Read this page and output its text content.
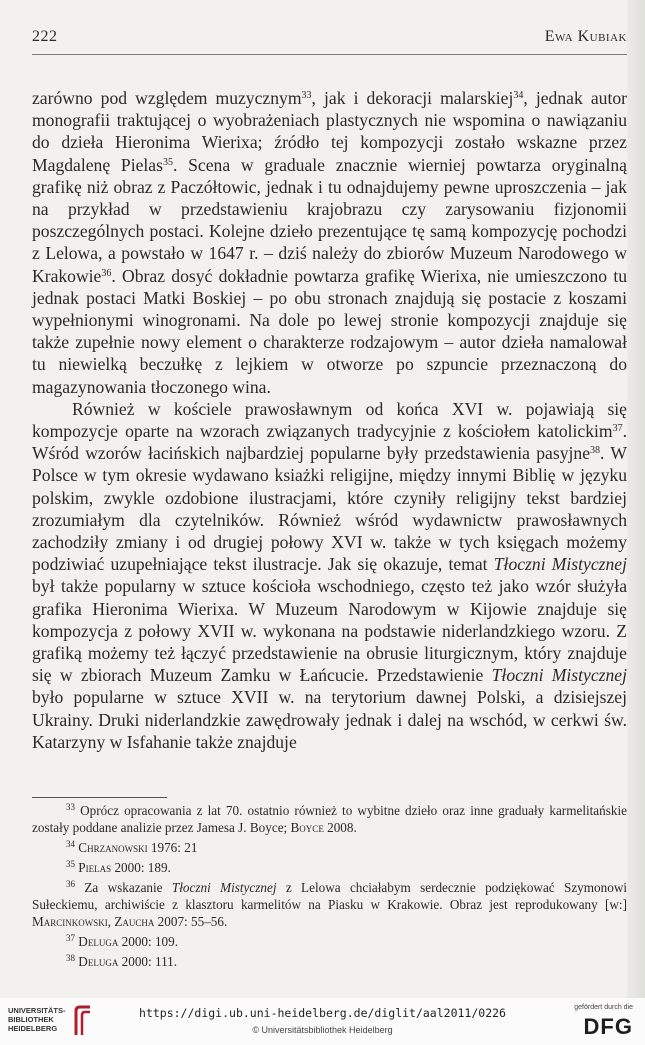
222	Ewa Kubiak

zarówno pod względem muzycznym$^{33}$, jak i dekoracji malarskiej$^{34}$, jednak autor monografii traktującej o wyobrażeniach plastycznych nie wspomina o nawiązaniu do dzieła Hieronima Wierixa; źródło tej kompozycji zostało wskazne przez Magdalenę Pielas$^{35}$. Scena w graduale znacznie wierniej powtarza oryginalną grafikę niż obraz z Paczółtowic, jednak i tu odnajdujemy pewne uproszczenia – jak na przykład w przedstawieniu krajobrazu czy zarysowaniu fizjonomii poszczególnych postaci. Kolejne dzieło prezentujące tę samą kompozycję pochodzi z Lelowa, a powstało w 1647 r. – dziś należy do zbiorów Muzeum Narodowego w Krakowie$^{36}$. Obraz dosyć dokładnie powtarza grafikę Wierixa, nie umieszczono tu jednak postaci Matki Boskiej – po obu stronach znajdują się postacie z koszami wypełnionymi winogronami. Na dole po lewej stronie kompozycji znajduje się także zupełnie nowy element o charakterze rodzajowym – autor dzieła namalował tu niewielką beczułkę z lejkiem w otworze po szpuncie przeznaczoną do magazynowania tłoczonego wina.

Również w kościele prawosławnym od końca XVI w. pojawiają się kompozycje oparte na wzorach związanych tradycyjnie z kościołem katolickim$^{37}$. Wśród wzorów łacińskich najbardziej popularne były przedstawienia pasyjne$^{38}$. W Polsce w tym okresie wydawano ksiażki religijne, między innymi Biblię w języku polskim, zwykle ozdobione ilustracjami, które czyniły religijny tekst bardziej zrozumiałym dla czytelników. Również wśród wydawnictw prawosławnych zachodziły zmiany i od drugiej połowy XVI w. także w tych księgach możemy podziwiać uzupełniające tekst ilustracje. Jak się okazuje, temat Tłoczni Mistycznej był także popularny w sztuce kościoła wschodniego, często też jako wzór służyła grafika Hieronima Wierixa. W Muzeum Narodowym w Kijowie znajduje się kompozycja z połowy XVII w. wykonana na podstawie niderlandzkiego wzoru. Z grafiką możemy też łączyć przedstawienie na obrusie liturgicznym, który znajduje się w zbiorach Muzeum Zamku w Łańcucie. Przedstawienie Tłoczni Mistycznej było popularne w sztuce XVII w. na terytorium dawnej Polski, a dzisiejszej Ukrainy. Druki niderlandzkie zawędrowały jednak i dalej na wschód, w cerkwi św. Katarzyny w Isfahanie także znajduje

$^{33}$ Oprócz opracowania z lat 70. ostatnio również to wybitne dzieło oraz inne graduały karmelitańskie zostały poddane analizie przez Jamesa J. Boyce; Boyce 2008.

$^{34}$ Chrzanowski 1976: 21

$^{35}$ Pielas 2000: 189.

$^{36}$ Za wskazanie Tłoczni Mistycznej z Lelowa chciałabym serdecznie podziękować Szymonowi Sułeckiemu, archiwiście z klasztoru karmelitów na Piasku w Krakowie. Obraz jest reprodukowany [w:] Marcinkowski, Zaucha 2007: 55–56.

$^{37}$ Deluga 2000: 109.

$^{38}$ Deluga 2000: 111.

UNIVERSITÄTS-
BIBLIOTHEK
HEIDELBERG
https://digi.ub.uni-heidelberg.de/diglit/aal2011/0226
© Universitätsbibliothek Heidelberg
gefördert durch die
DFG
